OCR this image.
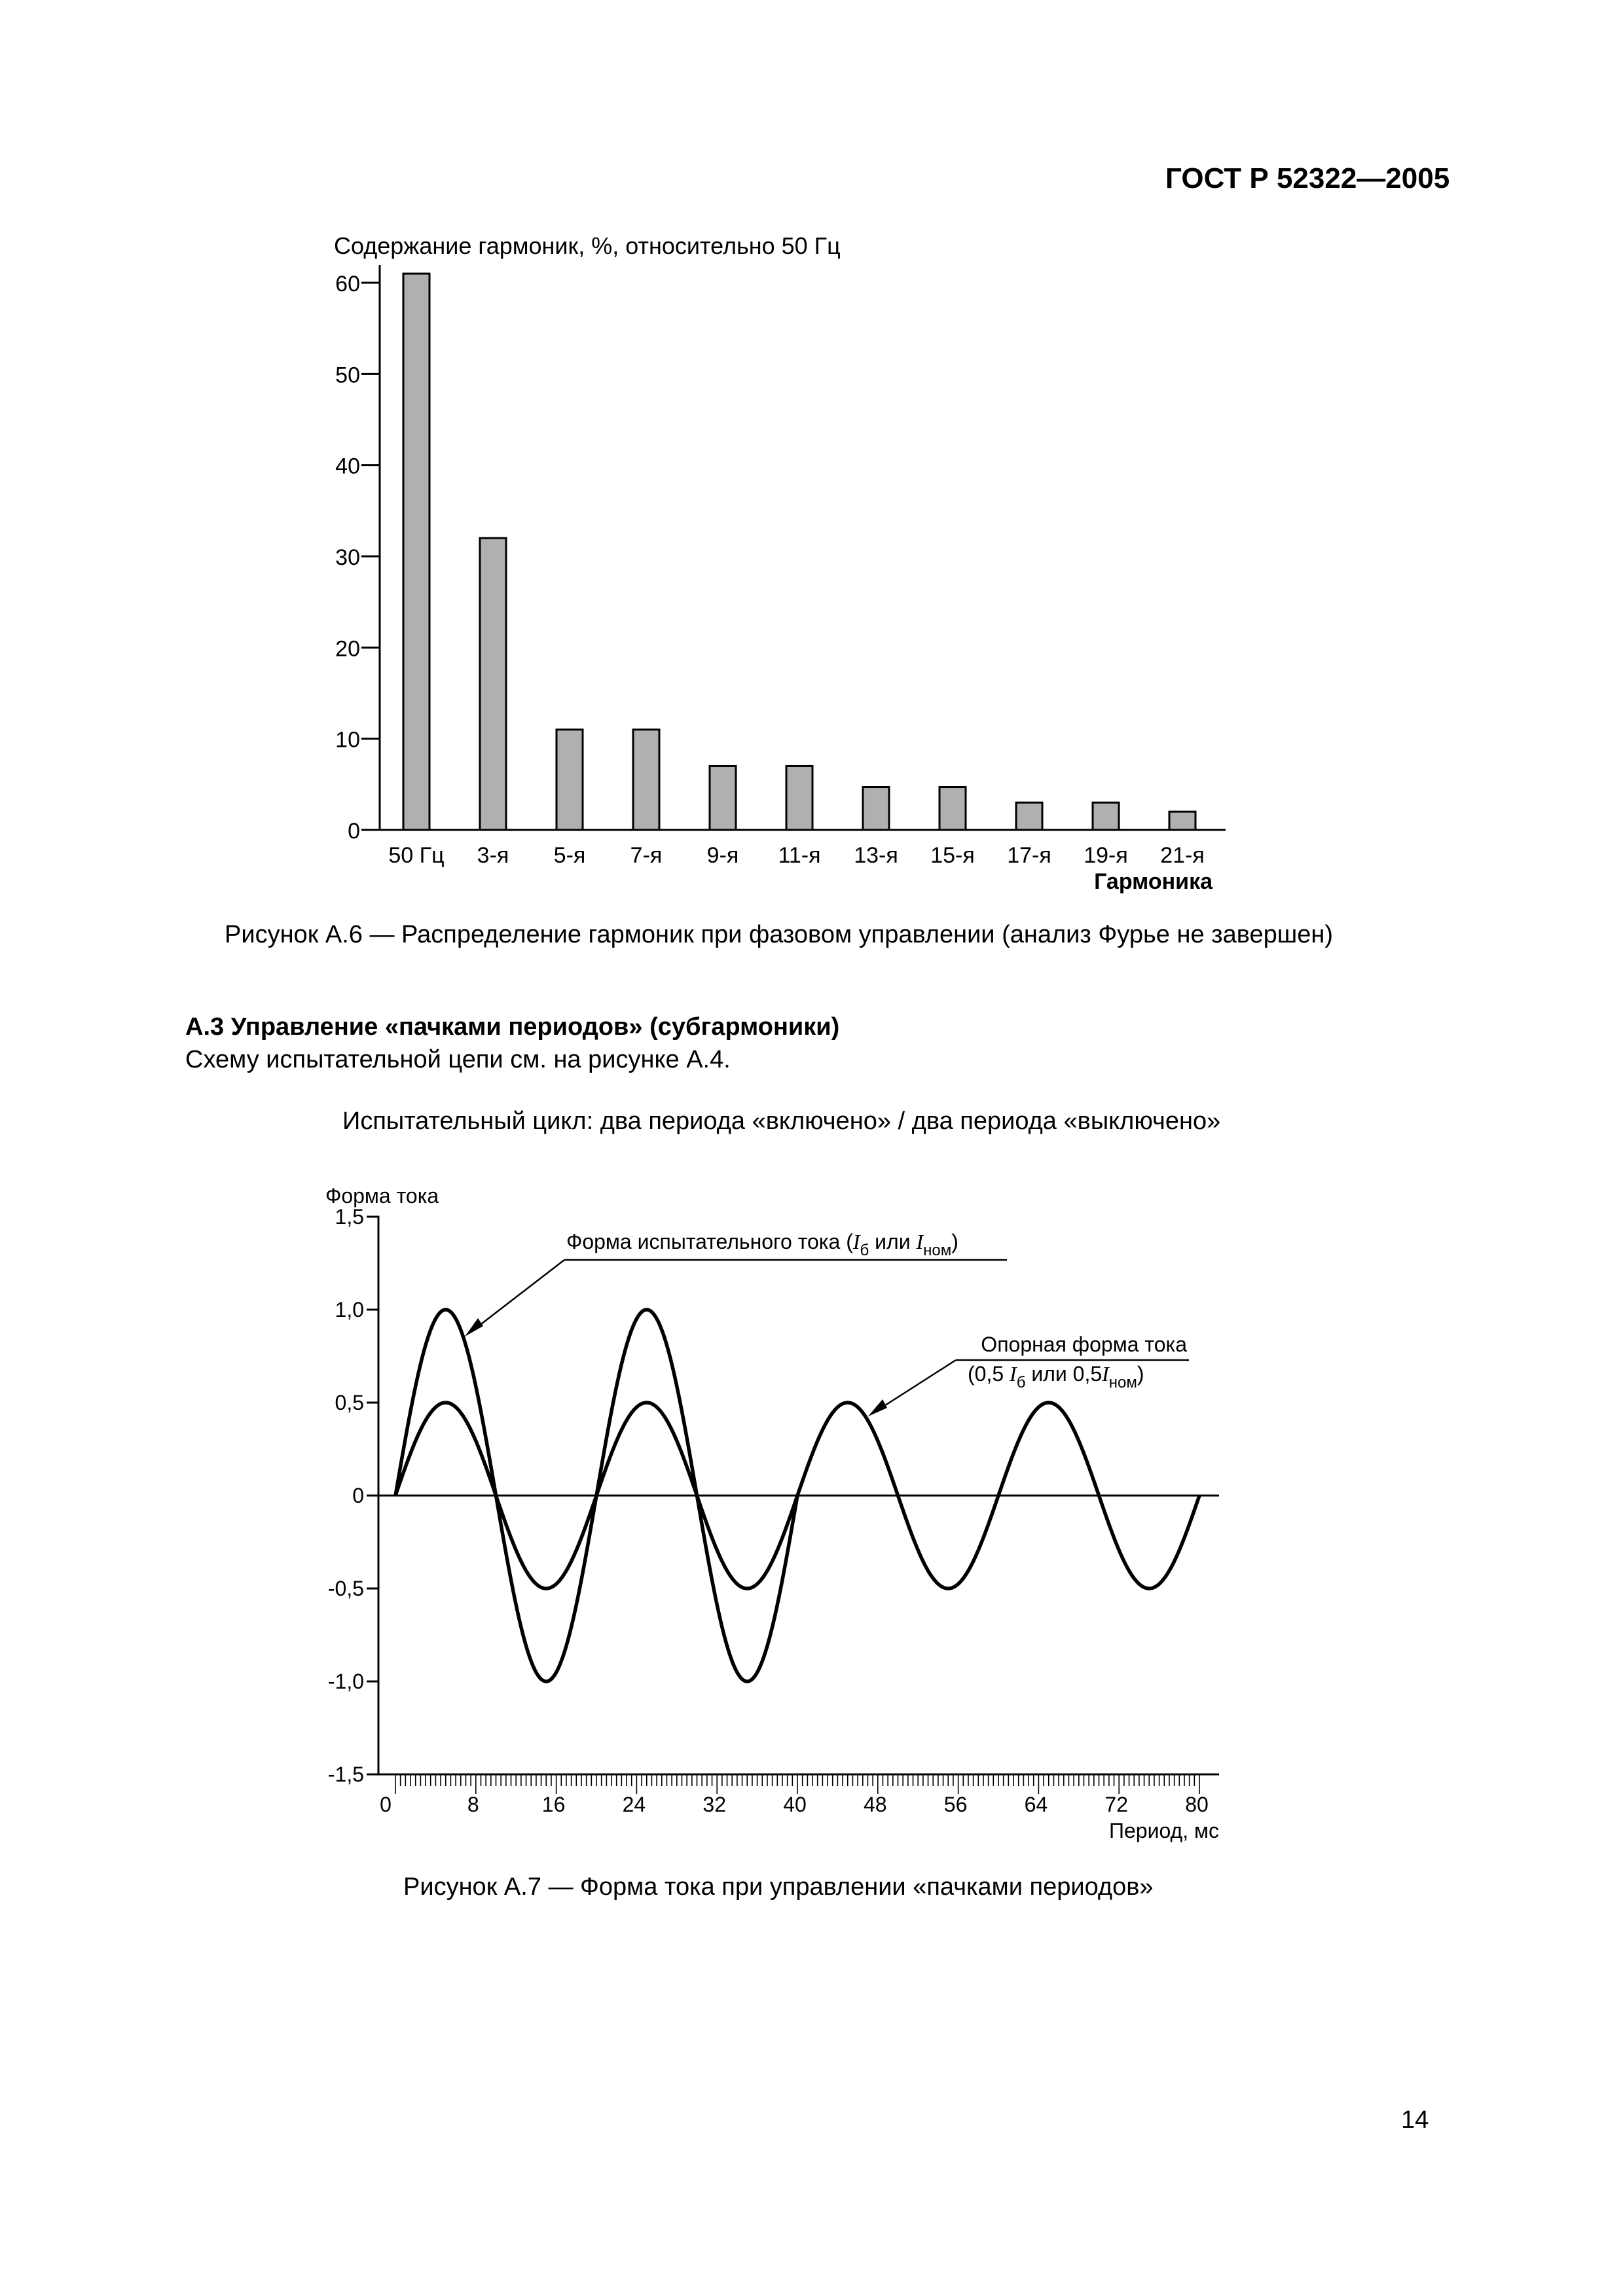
ГОСТ Р 52322—2005
Содержание гармоник, %, относительно 50 Гц
0
10
20
30
40
50
60
50 Гц 3-я 5-я 7-я 9-я 11-я 13-я 15-я 17-я 19-я 21-я
Гармоника
Рисунок А.6 — Распределение гармоник при фазовом управлении (анализ Фурье не завершен)
А.3 Управление «пачками периодов» (субгармоники)
Схему испытательной цепи см. на рисунке А.4.
Испытательный цикл: два периода «включено» / два периода «выключено»
Форма тока
1,5
1,0
0,5
0
-0,5
-1,0
-1,5
0	8	16	24	32	40	48	56	64	72	80
Период, мс
Форма испытательного тока ($I_б$ или $I_{ном}$)
Опорная форма тока
(0,5 $I_б$ или $0,5I_{ном}$)
Рисунок А.7 — Форма тока при управлении «пачками периодов»
14
